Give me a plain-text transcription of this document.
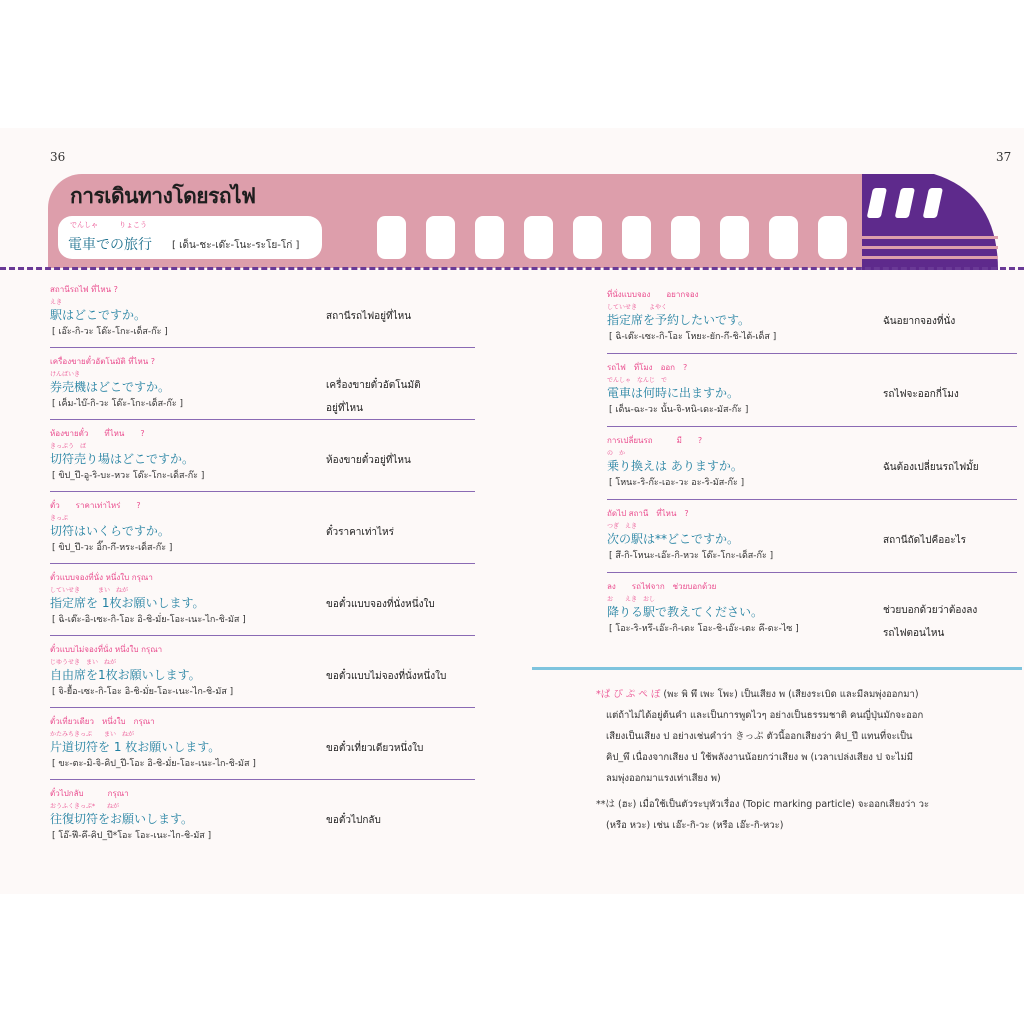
36	37
การเดินทางโดยรถไฟ
でんしゃ　　　りょこう
電車での旅行 [ เด็น-ชะ-เด๊ะ-โนะ-ระโย-โก่ ]
สถานีรถไฟ ที่ไหน ?
えき
駅はどこですか。
[ เอ๊ะ-กิ-วะ โด๊ะ-โกะ-เด็ส-ก๊ะ ]
สถานีรถไฟอยู่ที่ไหน
เครื่องขายตั๋วอัตโนมัติ ที่ไหน ?
けんばいき
券売機はどこですか。
[ เค็ม-ไบ๊-กิ-วะ โด๊ะ-โกะ-เด็ส-ก๊ะ ]
เครื่องขายตั๋วอัตโนมัติ
อยู่ที่ไหน
ห้องขายตั๋ว　　ที่ไหน　　?
きっぷう　ば
切符売り場はどこですか。
[ ขิป_ปึ-อู-ริ-บะ-หวะ โด๊ะ-โกะ-เด็ส-ก๊ะ ]
ห้องขายตั๋วอยู่ที่ไหน
ตั๋ว　　ราคาเท่าไหร่　　?
きっぷ
切符はいくらですか。
[ ขิป_ปึ-วะ อิ๊ก-กึ-หระ-เด็ส-ก๊ะ ]
ตั๋วราคาเท่าไหร่
ตั๋วแบบจองที่นั่ง หนึ่งใบ กรุณา
していせき　　　まい　ねが
指定席を 1枚お願いします。
[ ฉิ-เต๊ะ-อิ-เซะ-กิ-โอะ อิ-ชิ-มั่ย-โอะ-เนะ-ไก-ชิ-มัส ]
ขอตั๋วแบบจองที่นั่งหนึ่งใบ
ตั๋วแบบไม่จองที่นั่ง หนึ่งใบ กรุณา
じゆうせき　まい　ねが
自由席を1枚お願いします。
[ จิ-ยื้อ-เซะ-กิ-โอะ อิ-ชิ-มั่ย-โอะ-เนะ-ไก-ชิ-มัส ]
ขอตั๋วแบบไม่จองที่นั่งหนึ่งใบ
ตั๋วเที่ยวเดียว　หนึ่งใบ　กรุณา
かたみちきっぷ　　まい　ねが
片道切符を 1 枚お願いします。
[ ขะ-ตะ-มิ-จิ-คิป_ปึ-โอะ อิ-ชิ-มั่ย-โอะ-เนะ-ไก-ชิ-มัส ]
ขอตั๋วเที่ยวเดียวหนึ่งใบ
ตั๋วไปกลับ　　　กรุณา
おうふくきっぷ*　　ねが
往復切符をお願いします。
[ โอ๊-ฟึ-คึ-คิป_ปึ*โอะ โอะ-เนะ-ไก-ชิ-มัส ]
ขอตั๋วไปกลับ
ที่นั่งแบบจอง　　อยากจอง
していせき　　よやく
指定席を予約したいです。
[ ฉิ-เต๊ะ-เซะ-กิ-โอะ โหยะ-ยัก-กึ-ชิ-ไต้-เด็ส ]
ฉันอยากจองที่นั่ง
รถไฟ　ที่โมง　ออก　?
でんしゃ　なんじ　で
電車は何時に出ますか。
[ เด็น-ฉะ-วะ นั้น-จิ-หนิ-เดะ-มัส-ก๊ะ ]
รถไฟจะออกกี่โมง
การเปลี่ยนรถ　　　มี　　?
の　か
乗り換えは ありますか。
[ โหนะ-ริ-ก๊ะ-เอะ-วะ อะ-ริ-มัส-ก๊ะ ]
ฉันต้องเปลี่ยนรถไฟมั้ย
ถัดไป สถานี　ที่ไหน　?
つぎ　えき
次の駅は**どこですか。
[ สึ-กิ-โหนะ-เอ๊ะ-กิ-หวะ โด๊ะ-โกะ-เด็ส-ก๊ะ ]
สถานีถัดไปคืออะไร
ลง　　รถไฟจาก　ช่วยบอกด้วย
お　　えき　おし
降りる駅で教えてください。
[ โอะ-ริ-หรึ-เอ๊ะ-กิ-เดะ โอะ-ชิ-เอ๊ะ-เตะ คึ-ดะ-ไซ ]
ช่วยบอกด้วยว่าต้องลง
รถไฟตอนไหน
*ぱ ぴ ぷ ぺ ぽ (พะ พิ พึ เพะ โพะ) เป็นเสียง พ (เสียงระเบิด และมีลมพุ่งออกมา)
แต่ถ้าไม่ได้อยู่ต้นคำ และเป็นการพูดไวๆ อย่างเป็นธรรมชาติ คนญี่ปุ่นมักจะออก
เสียงเป็นเสียง ป อย่างเช่นคำว่า きっぷ ตัวนี้ออกเสียงว่า คิป_ปึ แทนที่จะเป็น
คิป_พึ เนื่องจากเสียง ป ใช้พลังงานน้อยกว่าเสียง พ (เวลาเปล่งเสียง ป จะไม่มี
ลมพุ่งออกมาแรงเท่าเสียง พ)
**は (ฮะ) เมื่อใช้เป็นตัวระบุหัวเรื่อง (Topic marking particle) จะออกเสียงว่า วะ
(หรือ หวะ) เช่น เอ๊ะ-กิ-วะ (หรือ เอ๊ะ-กิ-หวะ)
